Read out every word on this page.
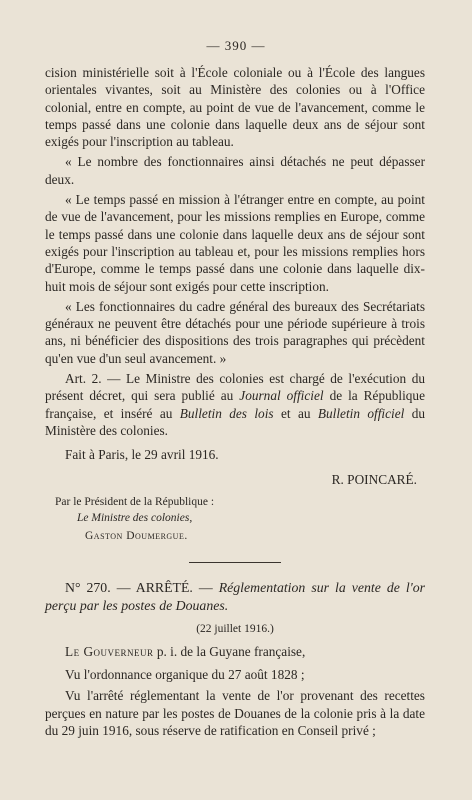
— 390 —

cision ministérielle soit à l'École coloniale ou à l'École des langues orientales vivantes, soit au Ministère des colonies ou à l'Office colonial, entre en compte, au point de vue de l'avancement, comme le temps passé dans une colonie dans laquelle deux ans de séjour sont exigés pour l'inscription au tableau.

« Le nombre des fonctionnaires ainsi détachés ne peut dépasser deux.

« Le temps passé en mission à l'étranger entre en compte, au point de vue de l'avancement, pour les missions remplies en Europe, comme le temps passé dans une colonie dans laquelle deux ans de séjour sont exigés pour l'inscription au tableau et, pour les missions remplies hors d'Europe, comme le temps passé dans une colonie dans laquelle dix-huit mois de séjour sont exigés pour cette inscription.

« Les fonctionnaires du cadre général des bureaux des Secrétariats généraux ne peuvent être détachés pour une période supérieure à trois ans, ni bénéficier des dispositions des trois paragraphes qui précèdent qu'en vue d'un seul avancement. »

Art. 2. — Le Ministre des colonies est chargé de l'exécution du présent décret, qui sera publié au Journal officiel de la République française, et inséré au Bulletin des lois et au Bulletin officiel du Ministère des colonies.

Fait à Paris, le 29 avril 1916.

R. POINCARÉ.

Par le Président de la République :

Le Ministre des colonies,

Gaston Doumergue.

N° 270. — ARRÊTÉ. — Réglementation sur la vente de l'or perçu par les postes de Douanes.

(22 juillet 1916.)

Le Gouverneur p. i. de la Guyane française,

Vu l'ordonnance organique du 27 août 1828 ;

Vu l'arrêté réglementant la vente de l'or provenant des recettes perçues en nature par les postes de Douanes de la colonie pris à la date du 29 juin 1916, sous réserve de ratification en Conseil privé ;
